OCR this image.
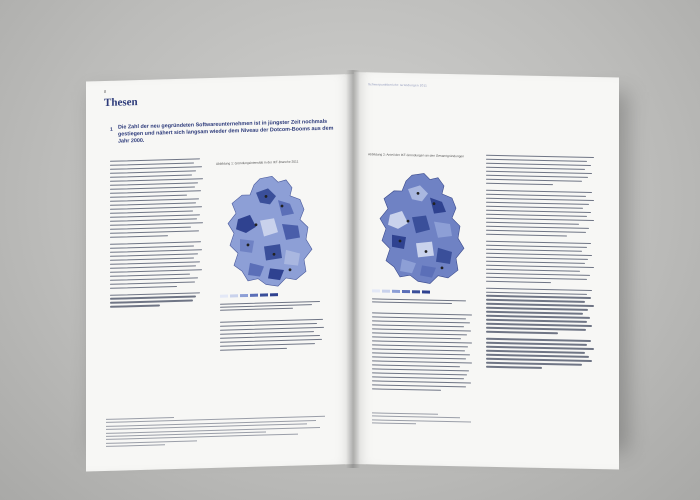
8
Thesen
1 Die Zahl der neu gegründeten Softwareunternehmen ist in jüngster Zeit nochmals gestiegen und nähert sich langsam wieder dem Niveau der Dotcom-Booms aus dem Jahr 2000.
Abbildung 1: Gründungsintensität in der IKT-Branche 2011
Schwerpunktbericht: Gründungen 2011
Abbildung 2: Anteil der IKT-Gründungen an den Gesamtgründungen
